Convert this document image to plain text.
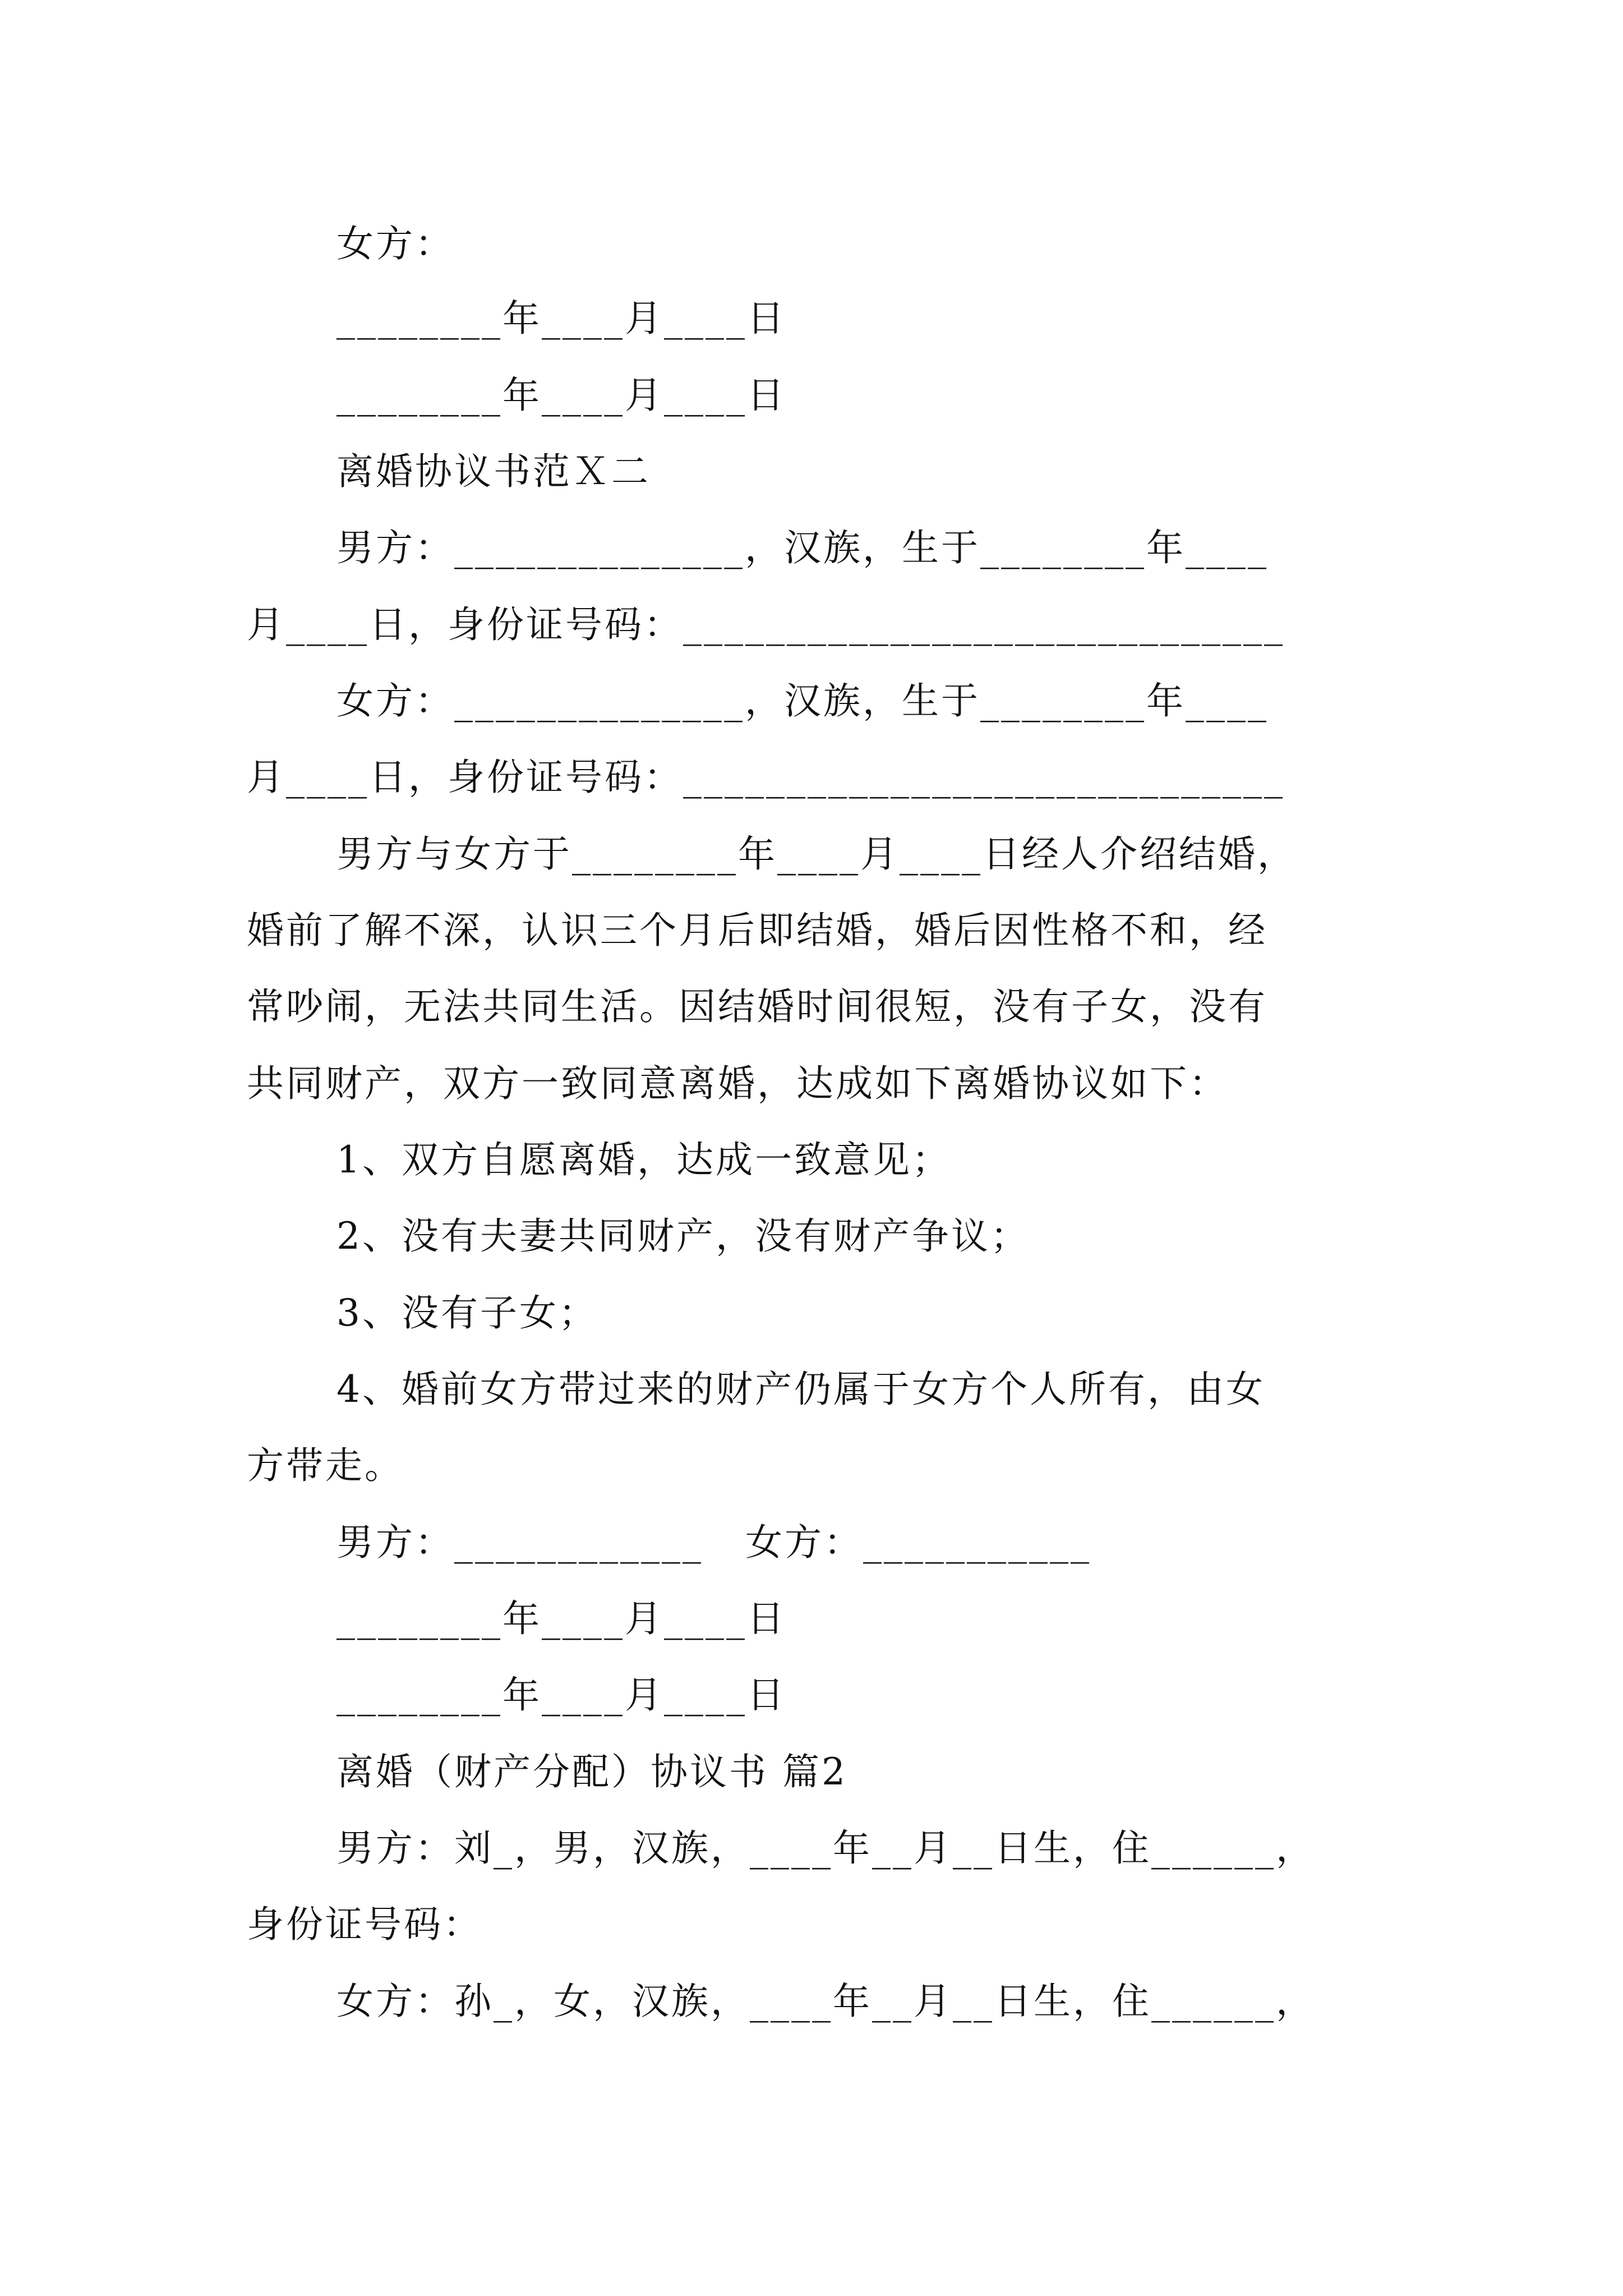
女方：
________年____月____日
________年____月____日
离婚协议书范Ｘ二
男方：______________，汉族，生于________年____
月____日，身份证号码：_____________________________
女方：______________，汉族，生于________年____
月____日，身份证号码：_____________________________
男方与女方于________年____月____日经人介绍结婚，
婚前了解不深，认识三个月后即结婚，婚后因性格不和，经
常吵闹，无法共同生活。因结婚时间很短，没有子女，没有
共同财产，双方一致同意离婚，达成如下离婚协议如下：
1、双方自愿离婚，达成一致意见；
2、没有夫妻共同财产，没有财产争议；
3、没有子女；
4、婚前女方带过来的财产仍属于女方个人所有，由女
方带走。
男方：____________   女方：___________
________年____月____日
________年____月____日
离婚（财产分配）协议书 篇2
男方：刘_，男，汉族，____年__月__日生，住______，
身份证号码：
女方：孙_，女，汉族，____年__月__日生，住______，
